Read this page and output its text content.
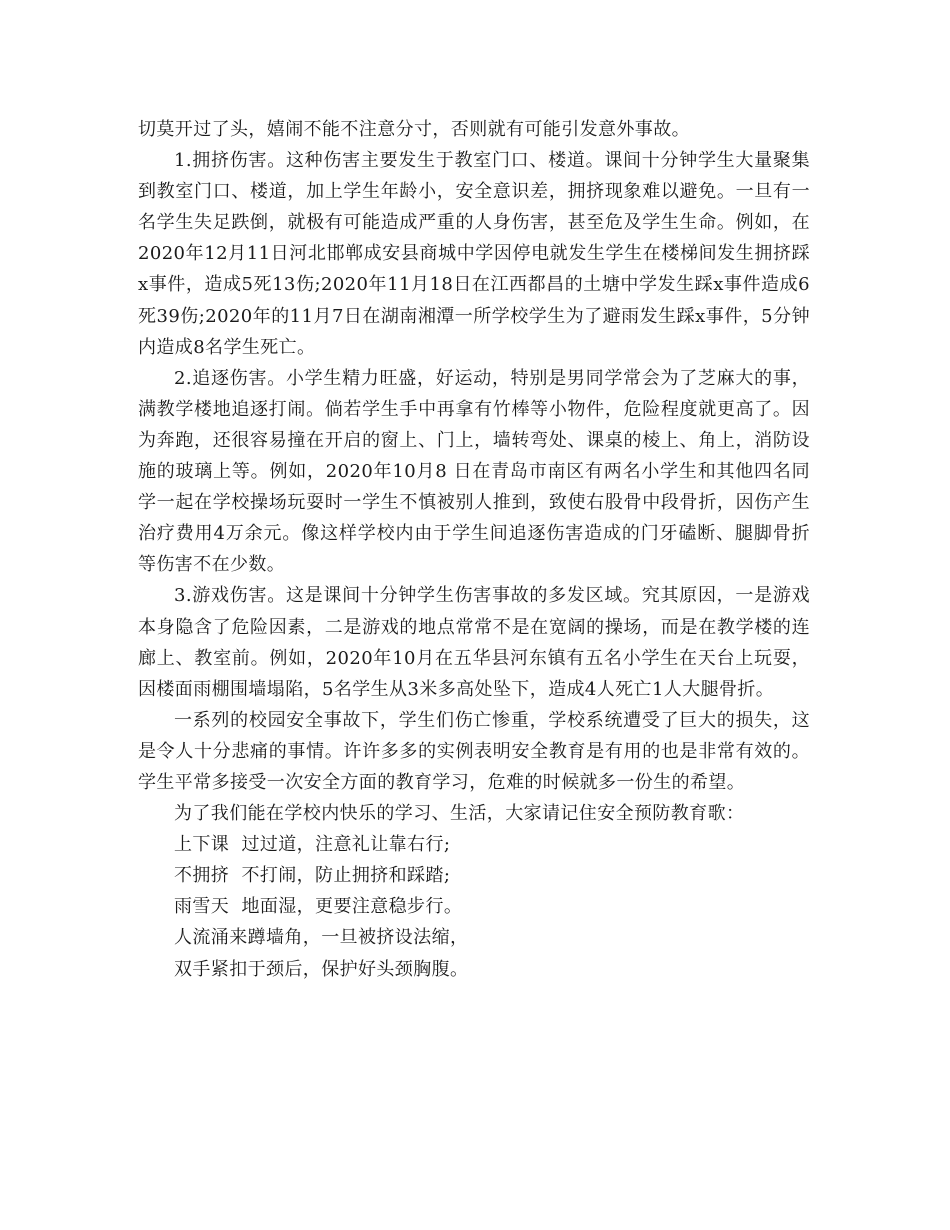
切莫开过了头，嬉闹不能不注意分寸，否则就有可能引发意外事故。

1.拥挤伤害。这种伤害主要发生于教室门口、楼道。课间十分钟学生大量聚集到教室门口、楼道，加上学生年龄小，安全意识差，拥挤现象难以避免。一旦有一名学生失足跌倒，就极有可能造成严重的人身伤害，甚至危及学生生命。例如，在2020年12月11日河北邯郸成安县商城中学因停电就发生学生在楼梯间发生拥挤踩x事件，造成5死13伤;2020年11月18日在江西都昌的土塘中学发生踩x事件造成6死39伤;2020年的11月7日在湖南湘潭一所学校学生为了避雨发生踩x事件，5分钟内造成8名学生死亡。

2.追逐伤害。小学生精力旺盛，好运动，特别是男同学常会为了芝麻大的事，满教学楼地追逐打闹。倘若学生手中再拿有竹棒等小物件，危险程度就更高了。因为奔跑，还很容易撞在开启的窗上、门上，墙转弯处、课桌的棱上、角上，消防设施的玻璃上等。例如，2020年10月8 日在青岛市南区有两名小学生和其他四名同学一起在学校操场玩耍时一学生不慎被别人推到，致使右股骨中段骨折，因伤产生治疗费用4万余元。像这样学校内由于学生间追逐伤害造成的门牙磕断、腿脚骨折等伤害不在少数。

3.游戏伤害。这是课间十分钟学生伤害事故的多发区域。究其原因，一是游戏本身隐含了危险因素，二是游戏的地点常常不是在宽阔的操场，而是在教学楼的连廊上、教室前。例如，2020年10月在五华县河东镇有五名小学生在天台上玩耍，因楼面雨棚围墙塌陷，5名学生从3米多高处坠下，造成4人死亡1人大腿骨折。

一系列的校园安全事故下，学生们伤亡惨重，学校系统遭受了巨大的损失，这是令人十分悲痛的事情。许许多多的实例表明安全教育是有用的也是非常有效的。学生平常多接受一次安全方面的教育学习，危难的时候就多一份生的希望。

为了我们能在学校内快乐的学习、生活，大家请记住安全预防教育歌：

上下课  过过道，注意礼让靠右行;

不拥挤  不打闹，防止拥挤和踩踏;

雨雪天  地面湿，更要注意稳步行。

人流涌来蹲墙角，一旦被挤设法缩，

双手紧扣于颈后，保护好头颈胸腹。
